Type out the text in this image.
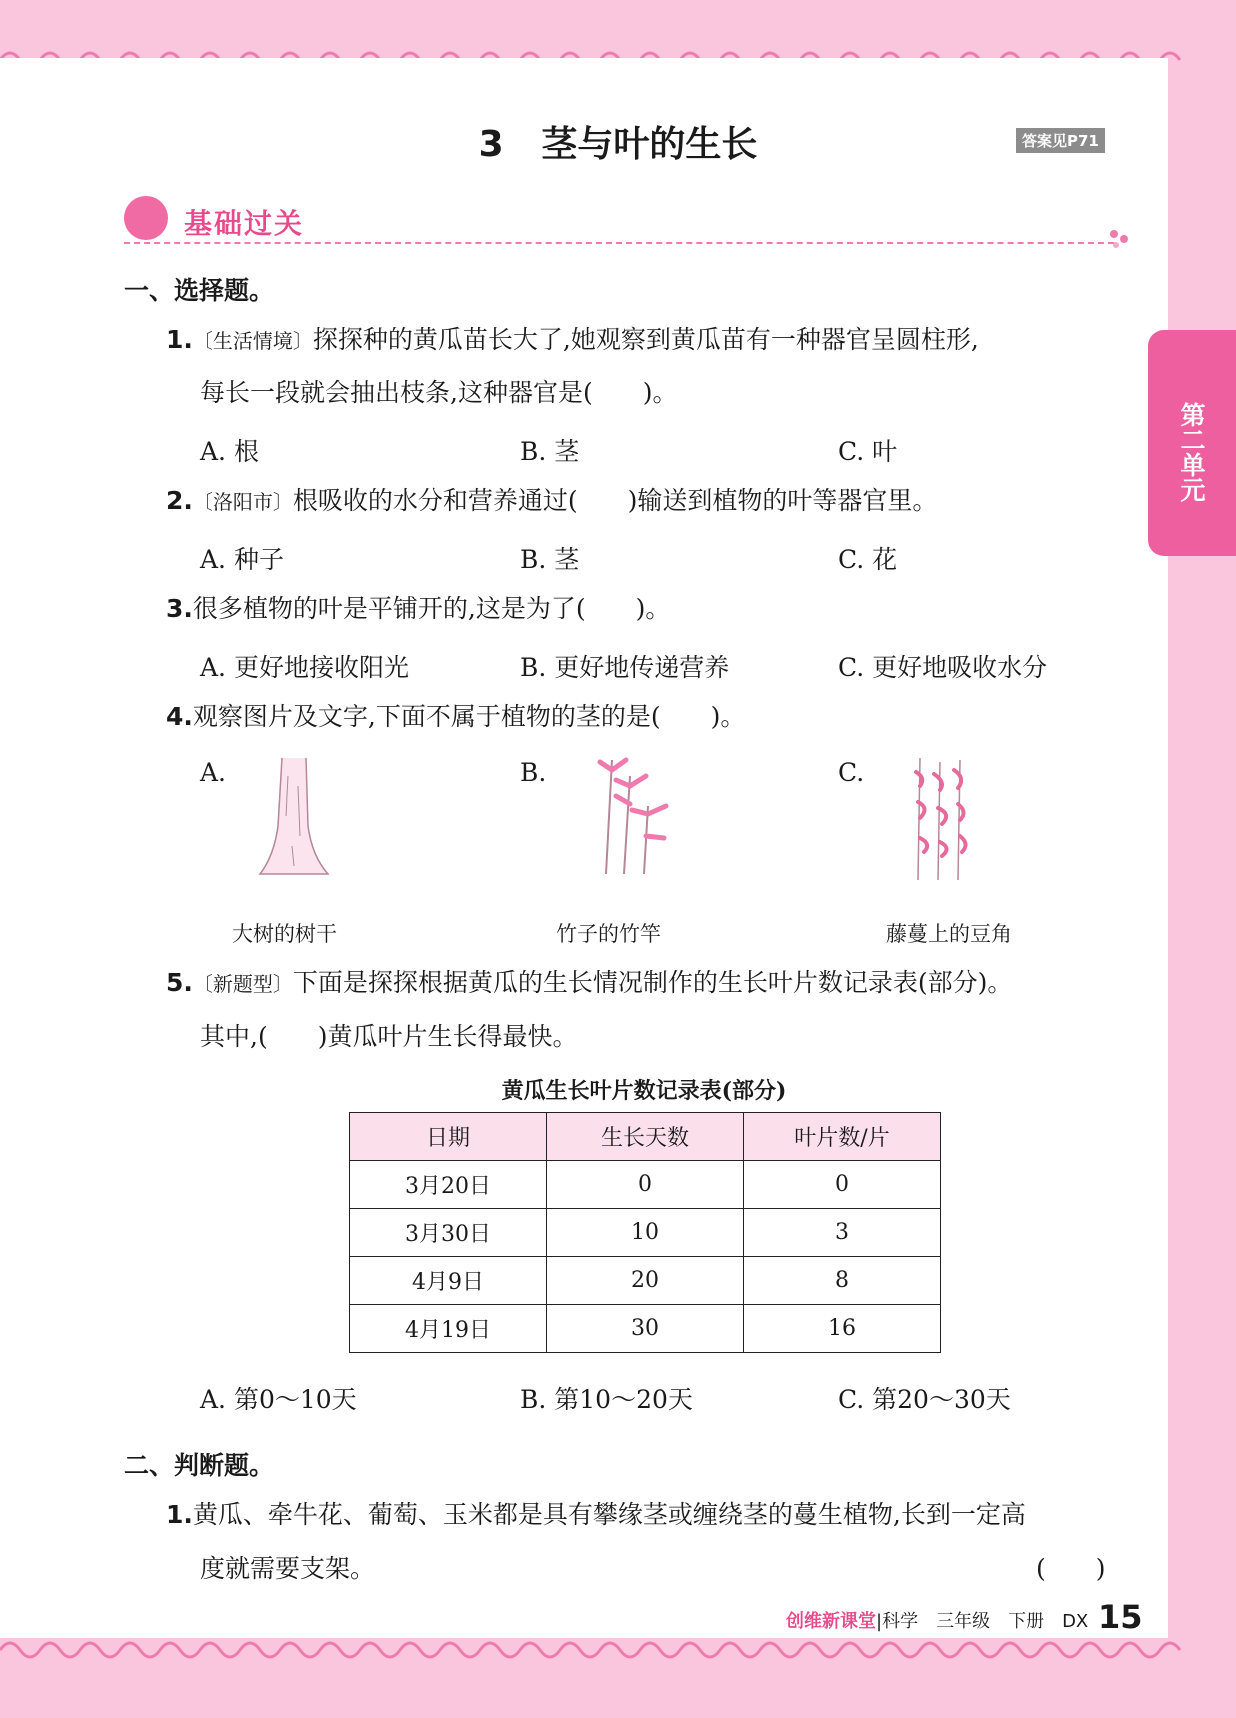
3 茎与叶的生长	答案见P71
基础过关
第二单元
一、选择题。
1.〔生活情境〕探探种的黄瓜苗长大了,她观察到黄瓜苗有一种器官呈圆柱形,
每长一段就会抽出枝条,这种器官是(　　)。
A. 根	B. 茎	C. 叶
2.〔洛阳市〕根吸收的水分和营养通过(　　)输送到植物的叶等器官里。
A. 种子	B. 茎	C. 花
3.很多植物的叶是平铺开的,这是为了(　　)。
A. 更好地接收阳光	B. 更好地传递营养	C. 更好地吸收水分
4.观察图片及文字,下面不属于植物的茎的是(　　)。
A.	B.	C.
大树的树干	竹子的竹竿	藤蔓上的豆角
5.〔新题型〕下面是探探根据黄瓜的生长情况制作的生长叶片数记录表(部分)。
其中,(　　)黄瓜叶片生长得最快。
黄瓜生长叶片数记录表(部分)
日期	生长天数	叶片数/片
3月20日	0	0
3月30日	10	3
4月9日	20	8
4月19日	30	16
A. 第0～10天	B. 第10～20天	C. 第20～30天
二、判断题。
1.黄瓜、牵牛花、葡萄、玉米都是具有攀缘茎或缠绕茎的蔓生植物,长到一定高
度就需要支架。	(　　)
创维新课堂|科学　三年级　下册　DX 15
